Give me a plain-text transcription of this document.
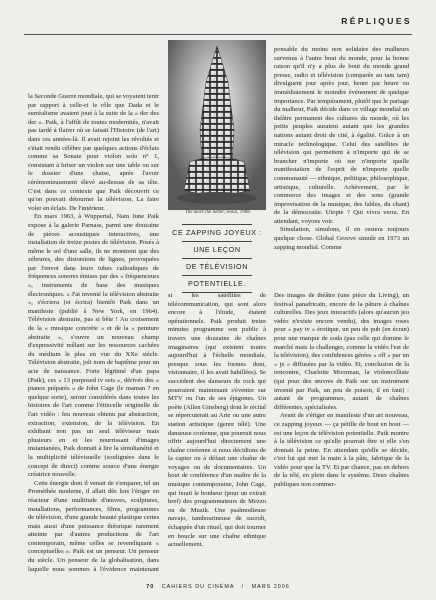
RÉPLIQUES
The more the better, Séoul, 1988.
CE ZAPPING JOYEUX :
UNE LEÇON
DE TÉLÉVISION
POTENTIELLE.

la Seconde Guerre mondiale, qui se voyaient tenir par rapport à celle-ci le rôle que Dada et le surréalisme avaient joué à la suite de la « der des der ». Paik, à l'affût de toutes modernités, n'avait pas tardé à flairer où se faisait l'Histoire (de l'art) dans ces années-là. Il avait rejoint les révoltés et s'était rendu célèbre par quelques actions d'éclats comme sa Sonate pour violon solo n° 1, consistant à briser un violon sur une table ou sur le dossier d'une chaise, après l'avoir cérémonieusement élevé au-dessus de sa tête. C'est dans ce contexte que Paik découvrit ce qu'on pouvait détourner la télévision. La faire voler en éclats. De l'intérieur.

En mars 1963, à Wuppertal, Nam June Paik expose à la galerie Parnass, parmi une douzaine de pièces acoustiques interactives, une installation de treize postes de télévision. Posés à même le sol d'une salle, ils ne montrent que des zébrures, des distorsions de lignes, provoquées par l'envoi dans leurs tubes cathodiques de fréquences sonores émises par des « fréquenceurs », instruments de base des musiques électroniques. « J'ai inventé la télévision abstraite », s'écriera (et écrira) bientôt Paik dans un manifeste (publié à New York, en 1964). Télévision abstraite, pas si bête ! Au croisement de la « musique concrète » et de la « peinture abstraite », s'ouvre un nouveau champ d'expressivité mêlant sur les ressources cachées du médium le plus en vue du XXe siècle. Télévision abstraite, joli nom de baptême pour un acte de naissance. Forte légitimé d'un papa (Paik), ces « 13 purposed tv sets », dérivés des « pianos préparés » de John Cage (le maman ? en quelque sorte), seront considérés dans toutes les histoires de l'art comme l'étincelle originelle de l'art vidéo : feu nouveau obtenu par abstraction, extraction, extension, de la télévision. En exhibant non pas un seul téléviseur mais plusieurs en et les nourrissant d'images instantanées, Paik donnait à lire la simultanéité et la multiplicité télévisuelle (soulignées dans le concept de direct) comme source d'une énergie créatrice nouvelle.

Cette énergie dont il venait de s'emparer, tel un Prométhée moderne, il allait dès lors l'ériger en réacteur d'une multitude d'œuvres, sculptures, installations, performances, films, programmes de télévision, d'une grande beauté plastique certes mais aussi d'une puissance théorique rarement atteinte par d'autres productions de l'art contemporain, même celles se revendiquant « conceptuelles ». Paik est un penseur. Un penseur du siècle. Un penseur de la globalisation, dans laquelle nous sommes à l'évidence maintenant

ponsable du moins non solidaire des malheurs survenus à l'autre bout du monde, pour la bonne raison qu'il n'y a plus de bout du monde grand presse, radio et télévision (comparée au tam tam) divulguent jour après jour, heure par heure ou immédiatement le moindre événement de quelque importance. Par tempérament, plutôt que le partage du malheur, Paik décide dans ce village mondial un théâtre permanent des cultures du monde, où les petits peuples auraient autant que les grandes nations autant droit de cité, à égalité. Grâce à un miracle technologique. Celui des satellites de télévision qui permettent à n'importe qui de se brancher n'importe où sur n'importe quelle manifestation de l'esprit de n'importe quelle communauté — ethnique, politique, philosophique, artistique, culturelle. Achèvement, par le commerce des images et des sons (grande improvisation de la musique, des fables, du chant) de la démocratie. Utopie ? Qui vivra verra. En attendant, voyons voir.

Simulation, simulons, il en restera toujours quelque chose. Global Groove simule en 1973 un zapping mondial. Comme

si les satellites de télécommunication, qui sont alors encore à l'étude, étaient opérationnels. Paik produit treize minutes programme son public à travers une douzaine de chaînes imaginaires (qui existent toutes aujourd'hui à l'échelle mondiale, presque sous les formes dont, visionnaire, il les avait habillées). Se succèdent des danseurs de rock qui pourraient maintenant s'éventer sur MTV ou l'un de ses épigones. Un poète (Allen Ginsberg) dont le récital se répercuterait au Arte ou une autre station artistique (genre télé). Une danseuse coréenne, que pourrait nous offrir aujourd'hui directement une chaîne coréenne si nous décidions de la capter ou à défaut une chaîne de voyages ou de documentaires. Un bout de conférence d'un maître de la musique contemporaine, John Cage, qui ferait le bonheur (pour un extrait bref) des programmateurs de Mezzo ou de Muzik. Une psalmodieuse navajo, tambourineuse de sucroît, échappée d'un rituel, qui doit tourner en boucle sur une chaîne ethnique actuellement.

Des images de théâtre (une pièce du Living), un festival panafricain, encore de la pâture à chaînes culturelles. Des jeux interactifs (alors qu'aucun jeu vidéo n'existe encore vendu), des images roses pour « pay tv » érotique, un peu de pub (en écran) pour une marque de soda (pas celle qui domine le marché mais la challenger, comme la vidéo l'est de la télévision), des confidences gérées « off » par un « je » diffusées par la vidéo. Et, conclusion de la rencontre, Charlotte Moorman, la violoncelliste (qui pour des œuvres de Paik sur un instrument inventé par Paik, un peu de poison, il en faut) : autant de programmes, autant de chaînes différentes, spécialisées.

Avant de s'ériger en manifeste d'un art nouveau, ce zapping joyeux — ça pétille de bout en bout — est une leçon de télévision potentielle. Paik montre à la télévision ce qu'elle pourrait être si elle s'en donnait la peine. En attendant qu'elle se décide, c'est lui qui met la main à la pâte, fabrique de la vidéo pour que la TV. Et par chance, pas en dehors de la télé, en plein dans le système. Deux chaînes publiques non commer-

70 CAHIERS DU CINÉMA / MARS 2006
